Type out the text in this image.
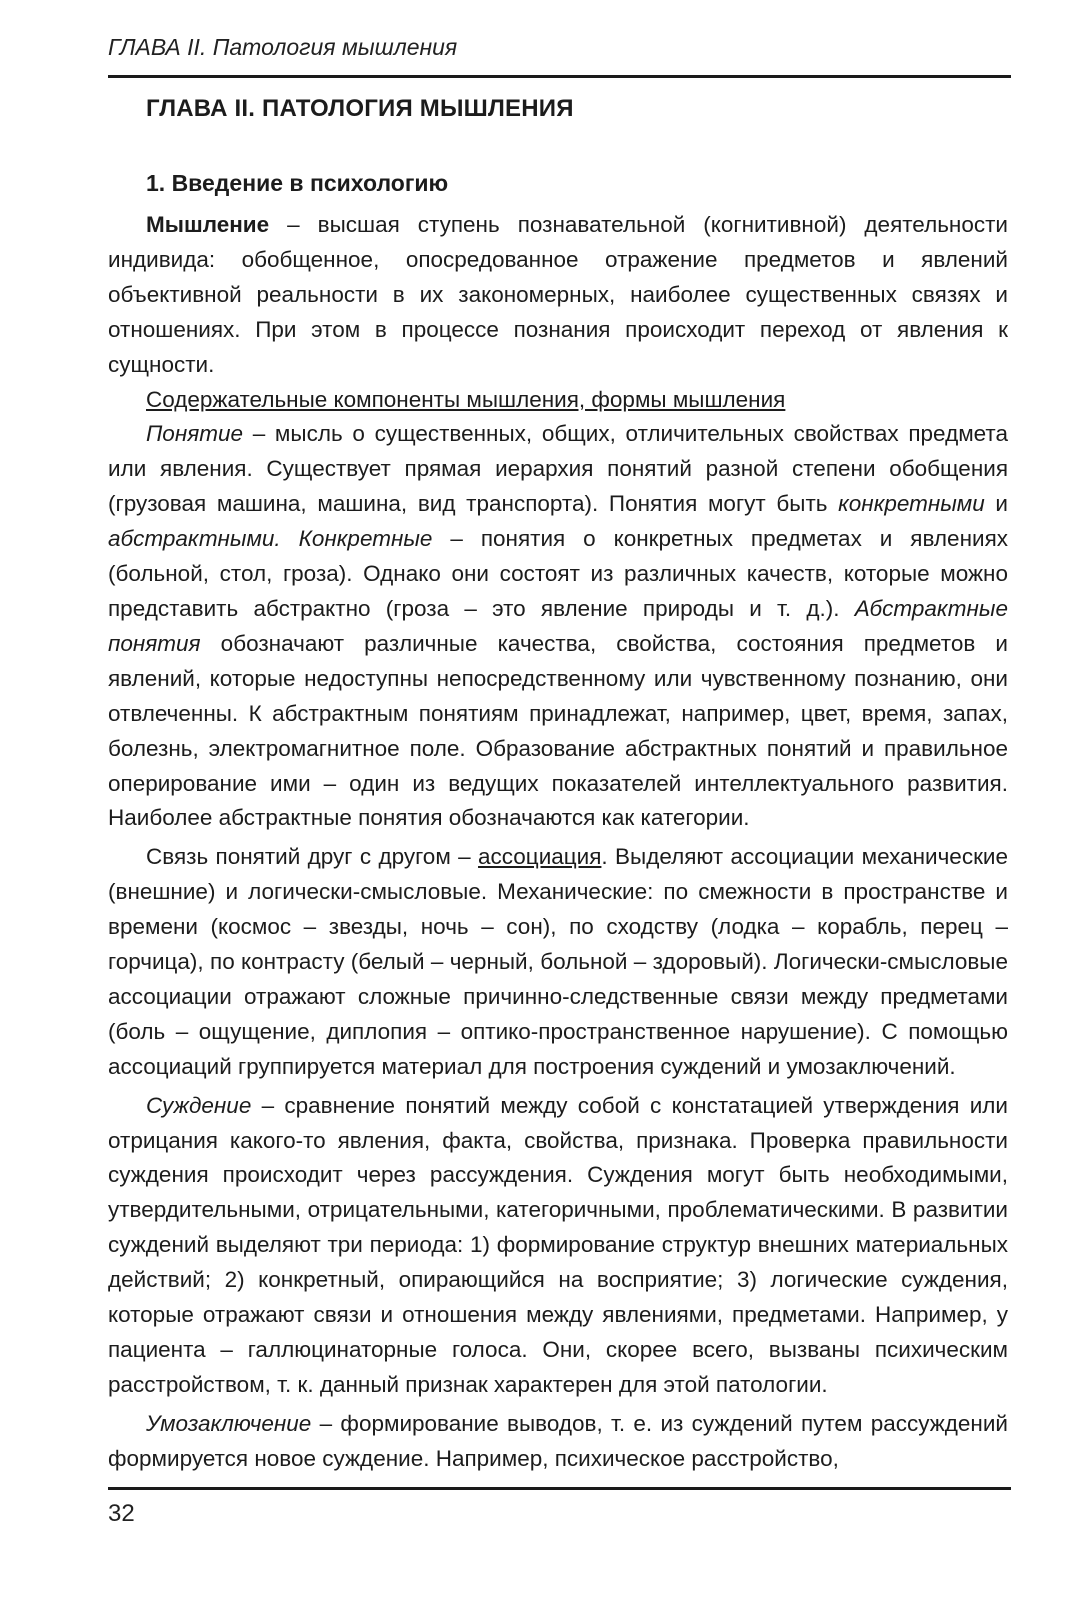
ГЛАВА II. Патология мышления
ГЛАВА II. ПАТОЛОГИЯ МЫШЛЕНИЯ
1. Введение в психологию

Мышление – высшая ступень познавательной (когнитивной) деятельности индивида: обобщенное, опосредованное отражение предметов и явлений объективной реальности в их закономерных, наиболее существенных связях и отношениях. При этом в процессе познания происходит переход от явления к сущности.

Содержательные компоненты мышления, формы мышления

Понятие – мысль о существенных, общих, отличительных свойствах предмета или явления. Существует прямая иерархия понятий разной степени обобщения (грузовая машина, машина, вид транспорта). Понятия могут быть конкретными и абстрактными. Конкретные – понятия о конкретных предметах и явлениях (больной, стол, гроза). Однако они состоят из различных качеств, которые можно представить абстрактно (гроза – это явление природы и т. д.). Абстрактные понятия обозначают различные качества, свойства, состояния предметов и явлений, которые недоступны непосредственному или чувственному познанию, они отвлеченны. К абстрактным понятиям принадлежат, например, цвет, время, запах, болезнь, электромагнитное поле. Образование абстрактных понятий и правильное оперирование ими – один из ведущих показателей интеллектуального развития. Наиболее абстрактные понятия обозначаются как категории.

Связь понятий друг с другом – ассоциация. Выделяют ассоциации механические (внешние) и логически-смысловые. Механические: по смежности в пространстве и времени (космос – звезды, ночь – сон), по сходству (лодка – корабль, перец – горчица), по контрасту (белый – черный, больной – здоровый). Логически-смысловые ассоциации отражают сложные причинно-следственные связи между предметами (боль – ощущение, диплопия – оптико-пространственное нарушение). С помощью ассоциаций группируется материал для построения суждений и умозаключений.

Суждение – сравнение понятий между собой с констатацией утверждения или отрицания какого-то явления, факта, свойства, признака. Проверка правильности суждения происходит через рассуждения. Суждения могут быть необходимыми, утвердительными, отрицательными, категоричными, проблематическими. В развитии суждений выделяют три периода: 1) формирование структур внешних материальных действий; 2) конкретный, опирающийся на восприятие; 3) логические суждения, которые отражают связи и отношения между явлениями, предметами. Например, у пациента – галлюцинаторные голоса. Они, скорее всего, вызваны психическим расстройством, т. к. данный признак характерен для этой патологии.

Умозаключение – формирование выводов, т. е. из суждений путем рассуждений формируется новое суждение. Например, психическое расстройство,

32
